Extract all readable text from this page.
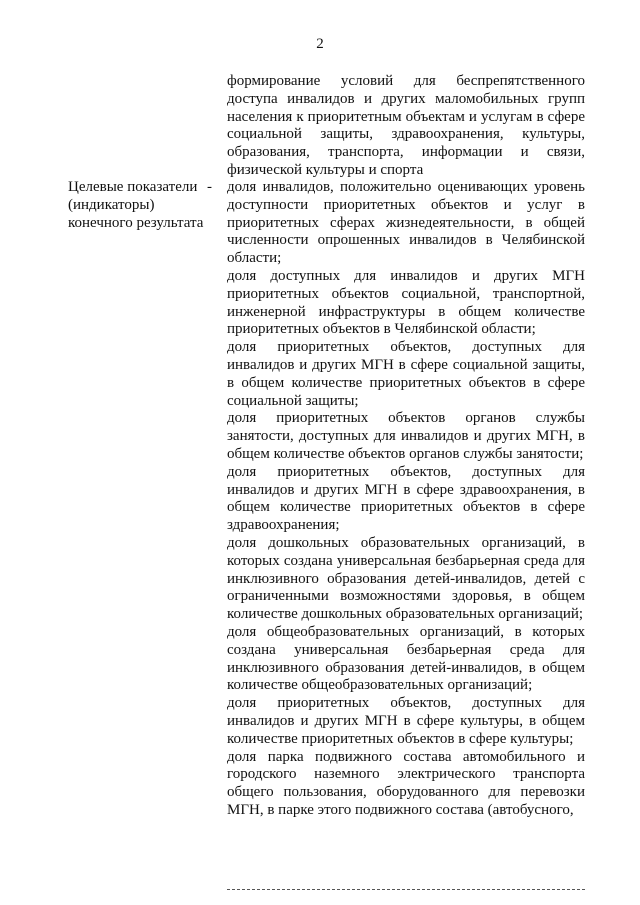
2

формирование условий для беспрепятственного доступа инвалидов и других маломобильных групп населения к приоритетным объектам и услугам в сфере социальной защиты, здравоохранения, культуры, образования, транспорта, информации и связи, физической культуры и спорта

Целевые показатели
(индикаторы)
конечного результата
- доля инвалидов, положительно оценивающих уровень доступности приоритетных объектов и услуг в приоритетных сферах жизнедеятельности, в общей численности опрошенных инвалидов в Челябинской области;

доля доступных для инвалидов и других МГН приоритетных объектов социальной, транспортной, инженерной инфраструктуры в общем количестве приоритетных объектов в Челябинской области;

доля приоритетных объектов, доступных для инвалидов и других МГН в сфере социальной защиты, в общем количестве приоритетных объектов в сфере социальной защиты;

доля приоритетных объектов органов службы занятости, доступных для инвалидов и других МГН, в общем количестве объектов органов службы занятости;

доля приоритетных объектов, доступных для инвалидов и других МГН в сфере здравоохранения, в общем количестве приоритетных объектов в сфере здравоохранения;

доля дошкольных образовательных организаций, в которых создана универсальная безбарьерная среда для инклюзивного образования детей-инвалидов, детей с ограниченными возможностями здоровья, в общем количестве дошкольных образовательных организаций;

доля общеобразовательных организаций, в которых создана универсальная безбарьерная среда для инклюзивного образования детей-инвалидов, в общем количестве общеобразовательных организаций;

доля приоритетных объектов, доступных для инвалидов и других МГН в сфере культуры, в общем количестве приоритетных объектов в сфере культуры;

доля парка подвижного состава автомобильного и городского наземного электрического транспорта общего пользования, оборудованного для перевозки МГН, в парке этого подвижного состава (автобусного,
